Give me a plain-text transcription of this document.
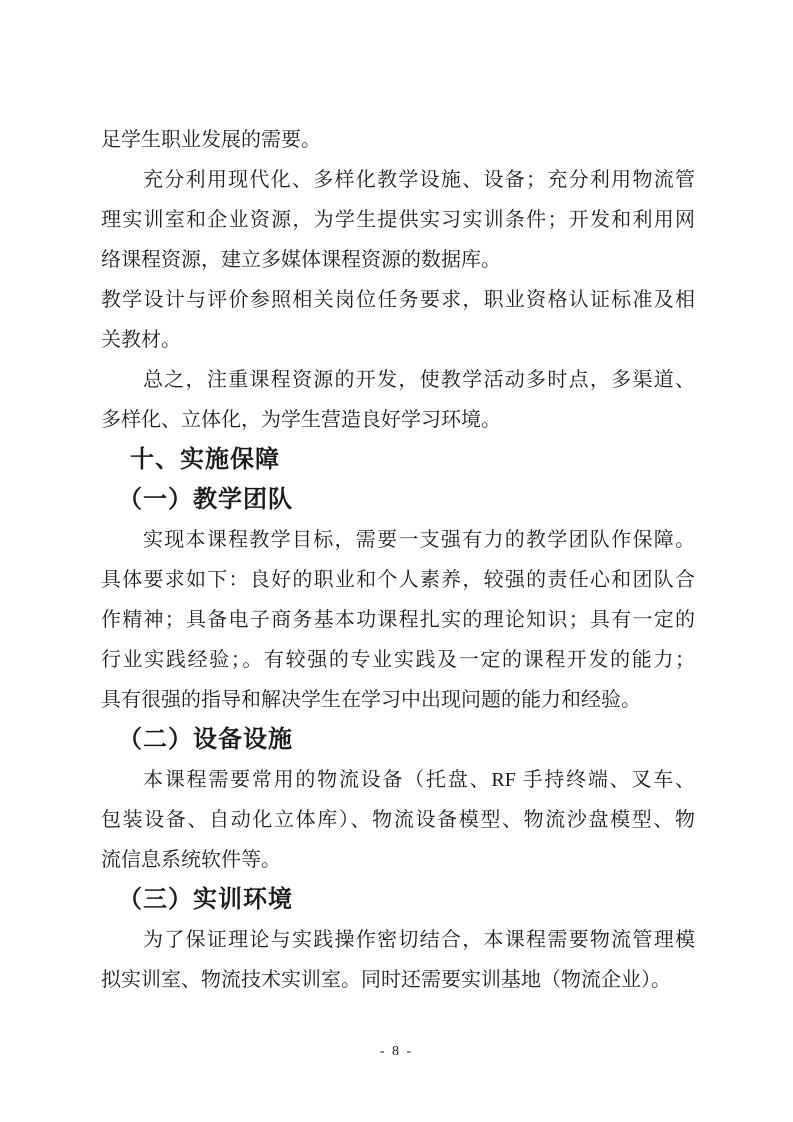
足学生职业发展的需要。
充分利用现代化、多样化教学设施、设备；充分利用物流管
理实训室和企业资源，为学生提供实习实训条件；开发和利用网
络课程资源，建立多媒体课程资源的数据库。
教学设计与评价参照相关岗位任务要求，职业资格认证标准及相
关教材。
总之，注重课程资源的开发，使教学活动多时点，多渠道、
多样化、立体化，为学生营造良好学习环境。
十、实施保障
（一）教学团队
实现本课程教学目标，需要一支强有力的教学团队作保障。
具体要求如下：良好的职业和个人素养，较强的责任心和团队合
作精神；具备电子商务基本功课程扎实的理论知识；具有一定的
行业实践经验；。有较强的专业实践及一定的课程开发的能力；
具有很强的指导和解决学生在学习中出现问题的能力和经验。
（二）设备设施
本课程需要常用的物流设备（托盘、RF 手持终端、叉车、
包装设备、自动化立体库）、物流设备模型、物流沙盘模型、物
流信息系统软件等。
（三）实训环境
为了保证理论与实践操作密切结合，本课程需要物流管理模
拟实训室、物流技术实训室。同时还需要实训基地（物流企业）。
- 8 -
